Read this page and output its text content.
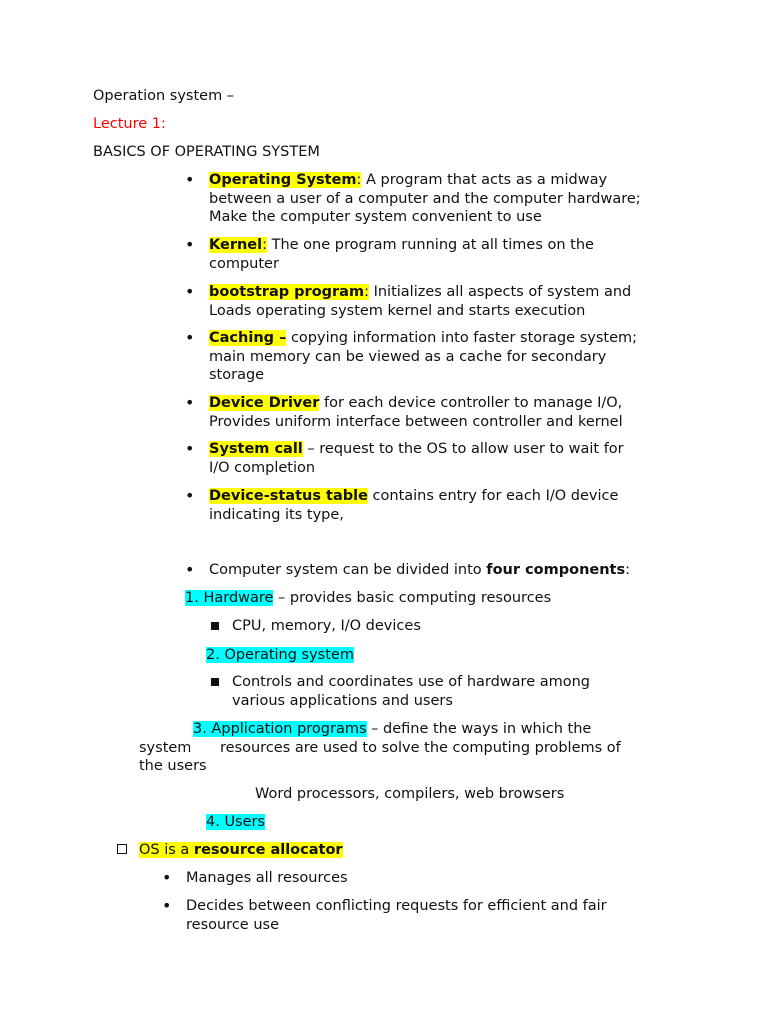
Operation system –
Lecture 1:
BASICS OF OPERATING SYSTEM
• Operating System: A program that acts as a midway
between a user of a computer and the computer hardware;
Make the computer system convenient to use
• Kernel: The one program running at all times on the
computer
• bootstrap program: Initializes all aspects of system and
Loads operating system kernel and starts execution
• Caching – copying information into faster storage system;
main memory can be viewed as a cache for secondary
storage
• Device Driver for each device controller to manage I/O,
Provides uniform interface between controller and kernel
• System call – request to the OS to allow user to wait for
I/O completion
• Device-status table contains entry for each I/O device
indicating its type,
• Computer system can be divided into four components:
1. Hardware – provides basic computing resources
CPU, memory, I/O devices
2. Operating system
Controls and coordinates use of hardware among
various applications and users
3. Application programs – define the ways in which the
system resources are used to solve the computing problems of
the users
Word processors, compilers, web browsers
4. Users
OS is a resource allocator
• Manages all resources
• Decides between conflicting requests for efficient and fair
resource use
